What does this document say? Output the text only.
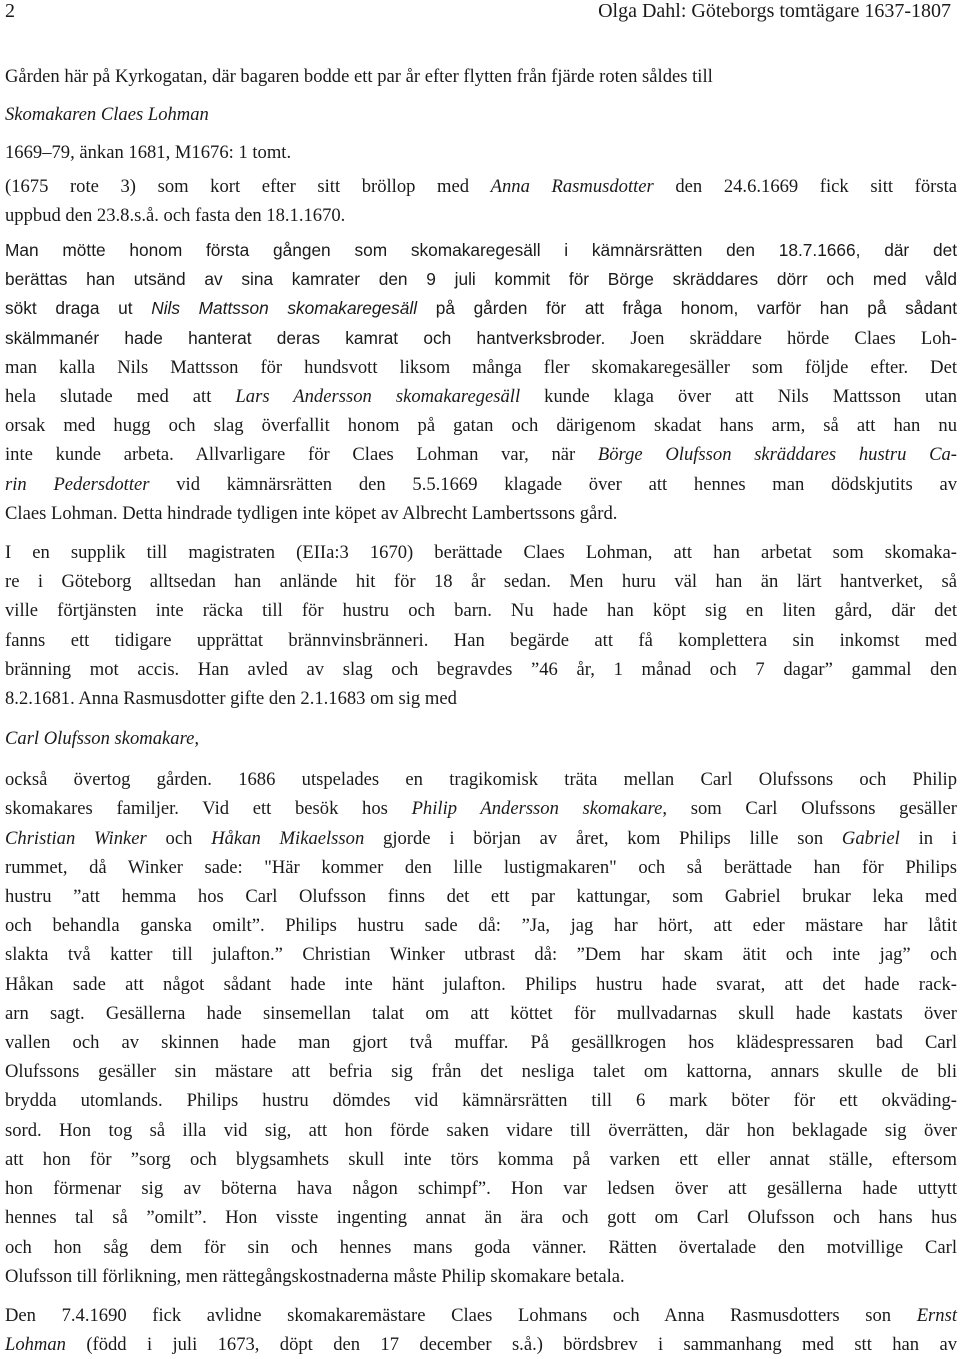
2	Olga Dahl: Göteborgs tomtägare 1637-1807

Gården här på Kyrkogatan, där bagaren bodde ett par år efter flytten från fjärde roten såldes till
Skomakaren Claes Lohman
1669–79, änkan 1681, M1676: 1 tomt.
(1675 rote 3) som kort efter sitt bröllop med Anna Rasmusdotter den 24.6.1669 fick sitt första
uppbud den 23.8.s.å. och fasta den 18.1.1670.

Man mötte honom första gången som skomakaregesäll i kämnärsrätten den 18.7.1666, där det
berättas han utsänd av sina kamrater den 9 juli kommit för Börge skräddares dörr och med våld
sökt draga ut Nils Mattsson skomakaregesäll på gården för att fråga honom, varför han på sådant
skälmmanér hade hanterat deras kamrat och hantverksbroder. Joen skräddare hörde Claes Loh-
man kalla Nils Mattsson för hundsvott liksom många fler skomakaregesäller som följde efter. Det
hela slutade med att Lars Andersson skomakaregesäll kunde klaga över att Nils Mattsson utan
orsak med hugg och slag överfallit honom på gatan och därigenom skadat hans arm, så att han nu
inte kunde arbeta. Allvarligare för Claes Lohman var, när Börge Olufsson skräddares hustru Ca-
rin Pedersdotter vid kämnärsrätten den 5.5.1669 klagade över att hennes man dödskjutits av
Claes Lohman. Detta hindrade tydligen inte köpet av Albrecht Lambertssons gård.

I en supplik till magistraten (EIIa:3 1670) berättade Claes Lohman, att han arbetat som skomaka-
re i Göteborg alltsedan han anlände hit för 18 år sedan. Men huru väl han än lärt hantverket, så
ville förtjänsten inte räcka till för hustru och barn. Nu hade han köpt sig en liten gård, där det
fanns ett tidigare upprättat brännvinsbränneri. Han begärde att få komplettera sin inkomst med
bränning mot accis. Han avled av slag och begravdes ”46 år, 1 månad och 7 dagar” gammal den
8.2.1681. Anna Rasmusdotter gifte den 2.1.1683 om sig med

Carl Olufsson skomakare,

också övertog gården. 1686 utspelades en tragikomisk träta mellan Carl Olufssons och Philip
skomakares familjer. Vid ett besök hos Philip Andersson skomakare, som Carl Olufssons gesäller
Christian Winker och Håkan Mikaelsson gjorde i början av året, kom Philips lille son Gabriel in i
rummet, då Winker sade: "Här kommer den lille lustigmakaren" och så berättade han för Philips
hustru ”att hemma hos Carl Olufsson finns det ett par kattungar, som Gabriel brukar leka med
och behandla ganska omilt”. Philips hustru sade då: ”Ja, jag har hört, att eder mästare har låtit
slakta två katter till julafton.” Christian Winker utbrast då: ”Dem har skam ätit och inte jag” och
Håkan sade att något sådant hade inte hänt julafton. Philips hustru hade svarat, att det hade rack-
arn sagt. Gesällerna hade sinsemellan talat om att köttet för mullvadarnas skull hade kastats över
vallen och av skinnen hade man gjort två muffar. På gesällkrogen hos klädespressaren bad Carl
Olufssons gesäller sin mästare att befria sig från det nesliga talet om kattorna, annars skulle de bli
brydda utomlands. Philips hustru dömdes vid kämnärsrätten till 6 mark böter för ett okväding-
sord. Hon tog så illa vid sig, att hon förde saken vidare till överrätten, där hon beklagade sig över
att hon för ”sorg och blygsamhets skull inte törs komma på varken ett eller annat ställe, eftersom
hon förmenar sig av böterna hava någon schimpf”. Hon var ledsen över att gesällerna hade uttytt
hennes tal så ”omilt”. Hon visste ingenting annat än ära och gott om Carl Olufsson och hans hus
och hon såg dem för sin och hennes mans goda vänner. Rätten övertalade den motvillige Carl
Olufsson till förlikning, men rättegångskostnaderna måste Philip skomakare betala.

Den 7.4.1690 fick avlidne skomakaremästare Claes Lohmans och Anna Rasmusdotters son Ernst
Lohman (född i juli 1673, döpt den 17 december s.å.) bördsbrev i sammanhang med stt han av
